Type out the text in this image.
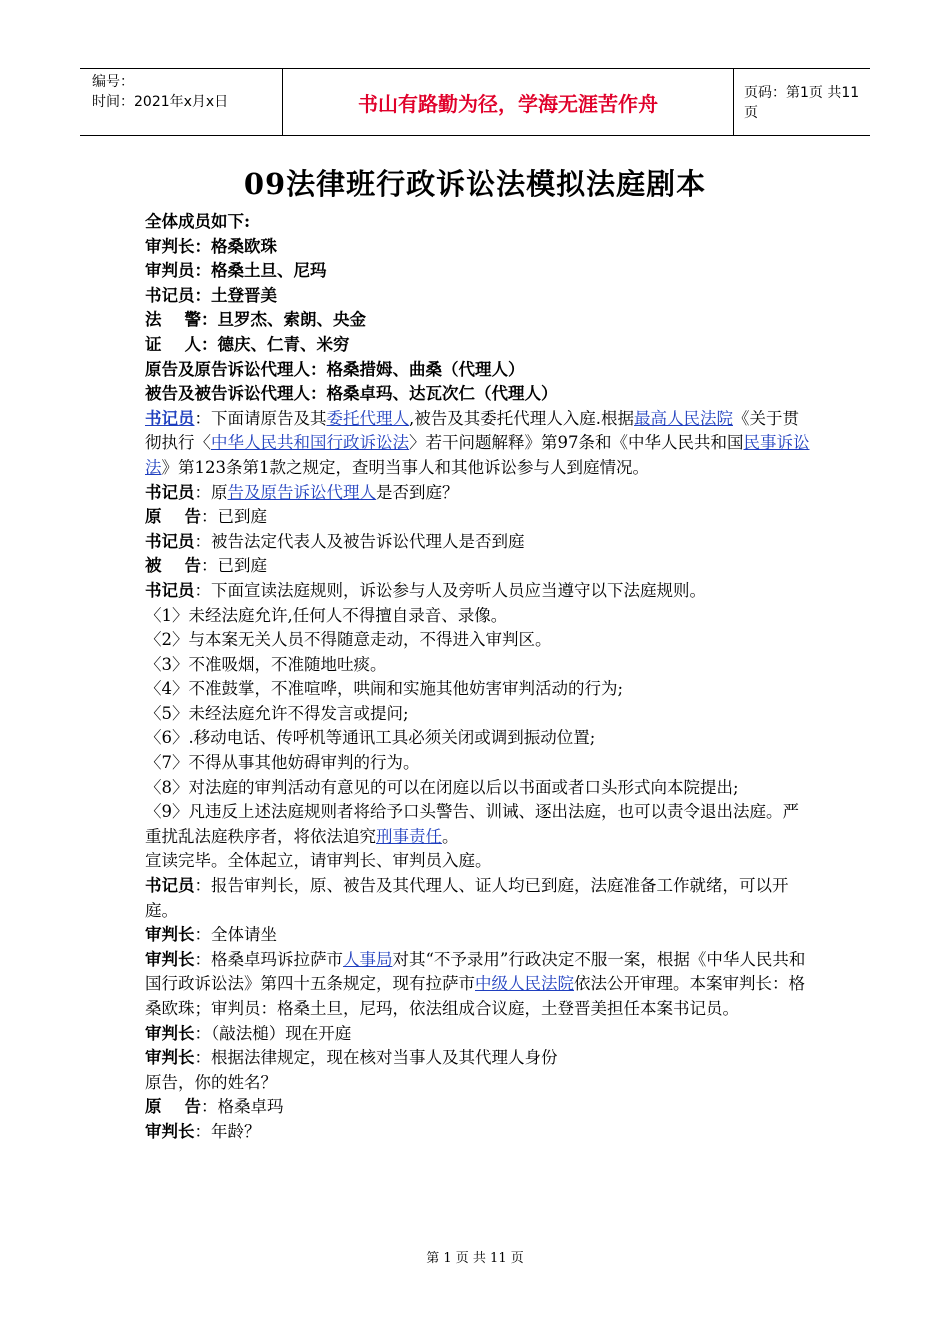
编号：
时间：2021年x月x日	书山有路勤为径，学海无涯苦作舟	页码：第1页 共11页
09法律班行政诉讼法模拟法庭剧本
全体成员如下:
审判长：格桑欧珠
审判员：格桑土旦、尼玛
书记员：土登晋美
法    警：旦罗杰、索朗、央金
证    人：德庆、仁青、米穷
原告及原告诉讼代理人：格桑措姆、曲桑（代理人）
被告及被告诉讼代理人：格桑卓玛、达瓦次仁（代理人）
书记员：下面请原告及其委托代理人,被告及其委托代理人入庭.根据最高人民法院《关于贯彻执行〈中华人民共和国行政诉讼法〉若干问题解释》第97条和《中华人民共和国民事诉讼法》第123条第1款之规定，查明当事人和其他诉讼参与人到庭情况。
书记员：原告及原告诉讼代理人是否到庭？
原    告：已到庭
书记员：被告法定代表人及被告诉讼代理人是否到庭
被    告：已到庭
书记员：下面宣读法庭规则，诉讼参与人及旁听人员应当遵守以下法庭规则。
〈1〉未经法庭允许,任何人不得擅自录音、录像。
〈2〉与本案无关人员不得随意走动，不得进入审判区。
〈3〉不准吸烟，不准随地吐痰。
〈4〉不准鼓掌，不准喧哗，哄闹和实施其他妨害审判活动的行为;
〈5〉未经法庭允许不得发言或提问;
〈6〉.移动电话、传呼机等通讯工具必须关闭或调到振动位置;
〈7〉不得从事其他妨碍审判的行为。
〈8〉对法庭的审判活动有意见的可以在闭庭以后以书面或者口头形式向本院提出;
〈9〉凡违反上述法庭规则者将给予口头警告、训诫、逐出法庭，也可以责令退出法庭。严重扰乱法庭秩序者，将依法追究刑事责任。
宣读完毕。全体起立，请审判长、审判员入庭。
书记员：报告审判长，原、被告及其代理人、证人均已到庭，法庭准备工作就绪，可以开庭。
审判长：全体请坐
审判长：格桑卓玛诉拉萨市人事局对其“不予录用”行政决定不服一案，根据《中华人民共和国行政诉讼法》第四十五条规定，现有拉萨市中级人民法院依法公开审理。本案审判长：格桑欧珠；审判员：格桑土旦，尼玛，依法组成合议庭，土登晋美担任本案书记员。
审判长：（敲法槌）现在开庭
审判长：根据法律规定，现在核对当事人及其代理人身份
原告，你的姓名？
原    告：格桑卓玛
审判长：年龄？
第 1 页 共 11 页
